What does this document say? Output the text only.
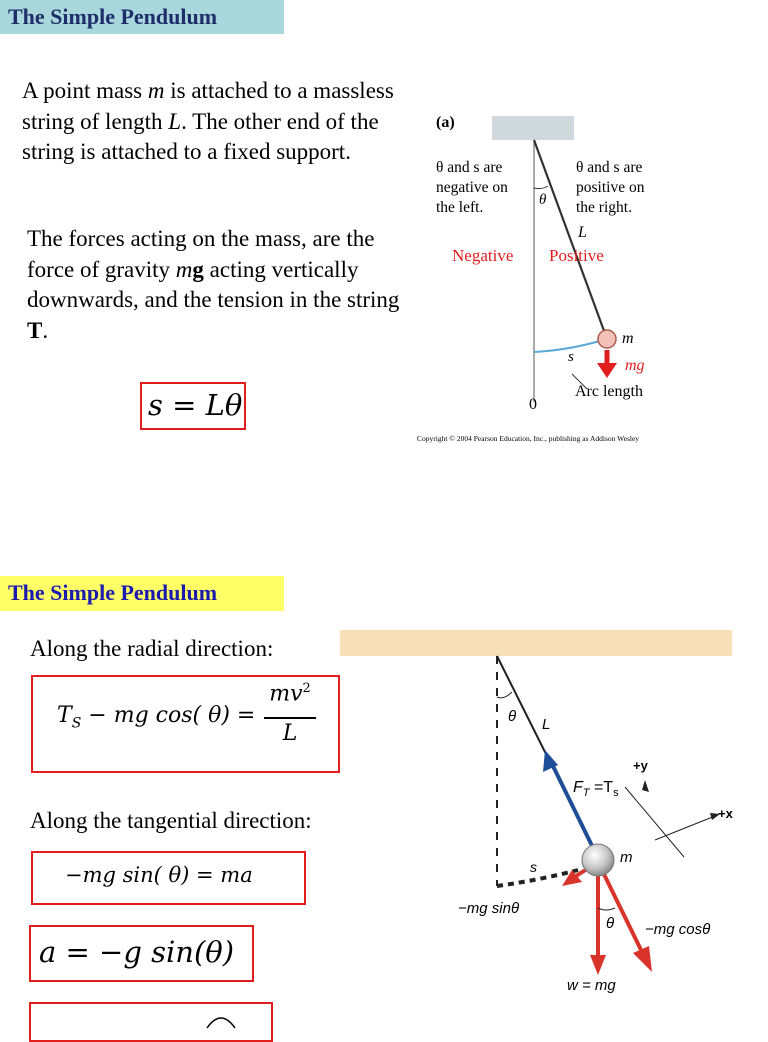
The Simple Pendulum
A point mass m is attached to a massless string of length L. The other end of the string is attached to a fixed support.
The forces acting on the mass, are the force of gravity mg acting vertically downwards, and the tension in the string T.
s = Lθ
(a)
θ and s are
negative on
the left.
θ and s are
positive on
the right.
θ
L
Negative Positive
m
mg
s
Arc length
0
Copyright © 2004 Pearson Education, Inc., publishing as Addison Wesley
The Simple Pendulum
Along the radial direction:
$T_S$ − mg cos( θ) =
$mv^2$
L
Along the tangential direction:
−mg sin( θ) = ma
a = −g sin(θ)
θ L
+y
+x
$F_T =T_s$
m
s
−mg sinθ
θ −mg cosθ
w = mg
